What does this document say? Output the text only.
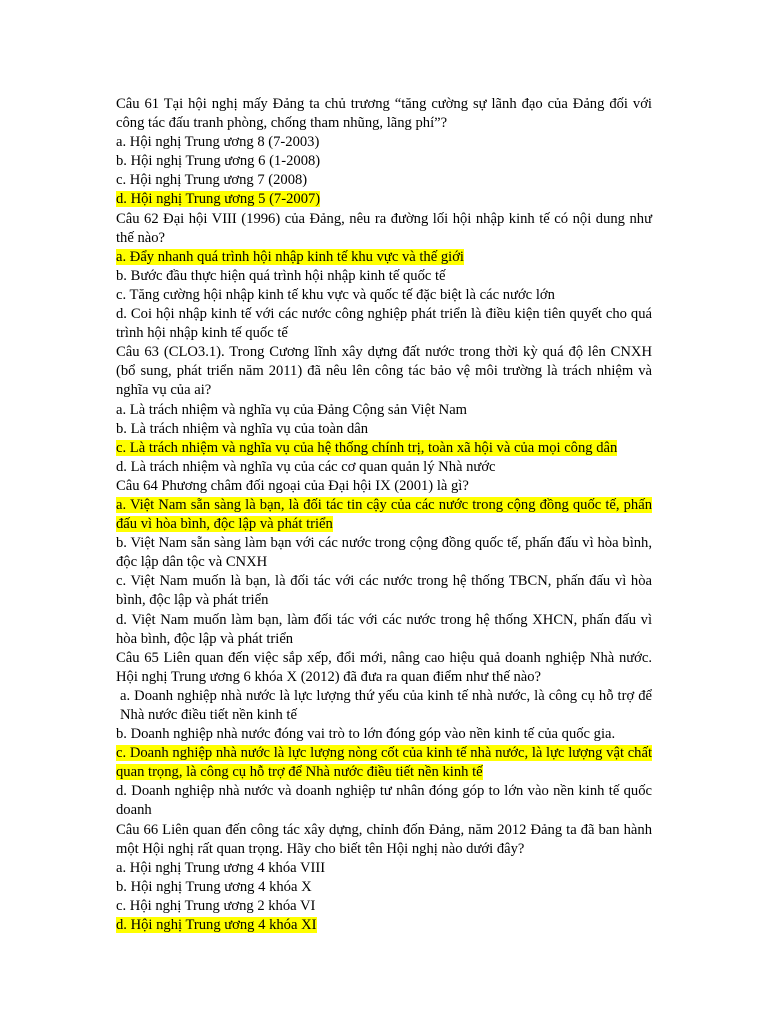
Câu 61 Tại hội nghị mấy Đảng ta chủ trương “tăng cường sự lãnh đạo của Đảng đối với công tác đấu tranh phòng, chống tham nhũng, lãng phí”?
a. Hội nghị Trung ương 8 (7-2003)
b. Hội nghị Trung ương 6 (1-2008)
c. Hội nghị Trung ương 7 (2008)
d. Hội nghị Trung ương 5 (7-2007)
Câu 62 Đại hội VIII (1996) của Đảng, nêu ra đường lối hội nhập kinh tế có nội dung như thế nào?
a. Đẩy nhanh quá trình hội nhập kinh tế khu vực và thế giới
b. Bước đầu thực hiện quá trình hội nhập kinh tế quốc tế
c. Tăng cường hội nhập kinh tế khu vực và quốc tế đặc biệt là các nước lớn
d. Coi hội nhập kinh tế với các nước công nghiệp phát triển là điều kiện tiên quyết cho quá trình hội nhập kinh tế quốc tế
Câu 63 (CLO3.1). Trong Cương lĩnh xây dựng đất nước trong thời kỳ quá độ lên CNXH (bổ sung, phát triển năm 2011) đã nêu lên công tác bảo vệ môi trường là trách nhiệm và nghĩa vụ của ai?
a. Là trách nhiệm và nghĩa vụ của Đảng Cộng sản Việt Nam
b. Là trách nhiệm và nghĩa vụ của toàn dân
c. Là trách nhiệm và nghĩa vụ của hệ thống chính trị, toàn xã hội và của mọi công dân
d. Là trách nhiệm và nghĩa vụ của các cơ quan quản lý Nhà nước
Câu 64 Phương châm đối ngoại của Đại hội IX (2001) là gì?
a. Việt Nam sẵn sàng là bạn, là đối tác tin cậy của các nước trong cộng đồng quốc tế, phấn đấu vì hòa bình, độc lập và phát triển
b. Việt Nam sẵn sàng làm bạn với các nước trong cộng đồng quốc tế, phấn đấu vì hòa bình, độc lập dân tộc và CNXH
c. Việt Nam muốn là bạn, là đối tác với các nước trong hệ thống TBCN, phấn đấu vì hòa bình, độc lập và phát triển
d. Việt Nam muốn làm bạn, làm đối tác với các nước trong hệ thống XHCN, phấn đấu vì hòa bình, độc lập và phát triển
Câu 65 Liên quan đến việc sắp xếp, đổi mới, nâng cao hiệu quả doanh nghiệp Nhà nước. Hội nghị Trung ương 6 khóa X (2012) đã đưa ra quan điểm như thế nào?
a. Doanh nghiệp nhà nước là lực lượng thứ yếu của kinh tế nhà nước, là công cụ hỗ trợ để Nhà nước điều tiết nền kinh tế
b. Doanh nghiệp nhà nước đóng vai trò to lớn đóng góp vào nền kinh tế của quốc gia.
c. Doanh nghiệp nhà nước là lực lượng nòng cốt của kinh tế nhà nước, là lực lượng vật chất quan trọng, là công cụ hỗ trợ để Nhà nước điều tiết nền kinh tế
d. Doanh nghiệp nhà nước và doanh nghiệp tư nhân đóng góp to lớn vào nền kinh tế quốc doanh
Câu 66 Liên quan đến công tác xây dựng, chỉnh đốn Đảng, năm 2012 Đảng ta đã ban hành một Hội nghị rất quan trọng. Hãy cho biết tên Hội nghị nào dưới đây?
a. Hội nghị Trung ương 4 khóa VIII
b. Hội nghị Trung ương 4 khóa X
c. Hội nghị Trung ương 2 khóa VI
d. Hội nghị Trung ương 4 khóa XI
